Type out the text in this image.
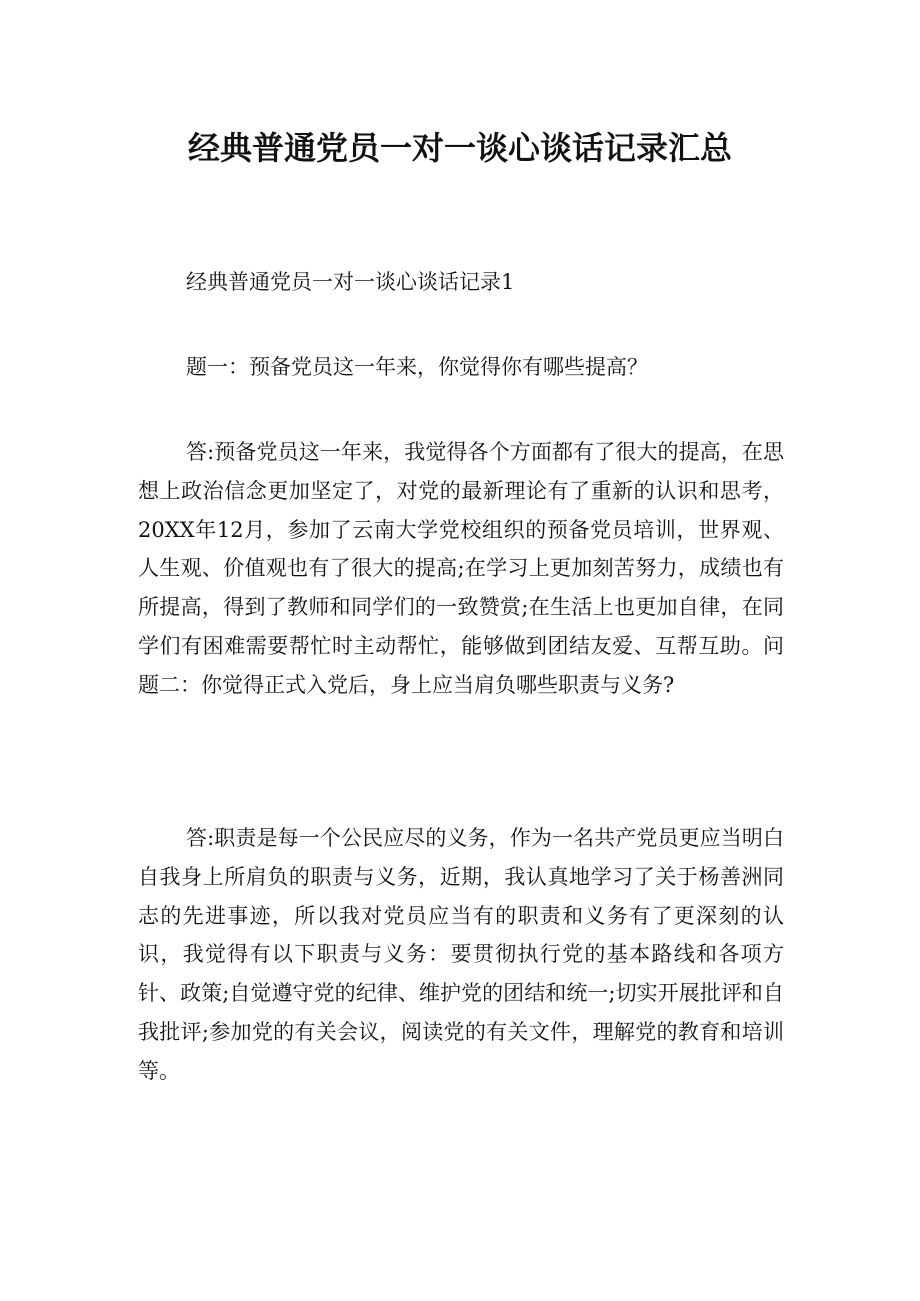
经典普通党员一对一谈心谈话记录汇总

经典普通党员一对一谈心谈话记录1

题一：预备党员这一年来，你觉得你有哪些提高？

答:预备党员这一年来，我觉得各个方面都有了很大的提高，在思想上政治信念更加坚定了，对党的最新理论有了重新的认识和思考，20XX年12月，参加了云南大学党校组织的预备党员培训，世界观、人生观、价值观也有了很大的提高;在学习上更加刻苦努力，成绩也有所提高，得到了教师和同学们的一致赞赏;在生活上也更加自律，在同学们有困难需要帮忙时主动帮忙，能够做到团结友爱、互帮互助。问题二：你觉得正式入党后，身上应当肩负哪些职责与义务?

答:职责是每一个公民应尽的义务，作为一名共产党员更应当明白自我身上所肩负的职责与义务，近期，我认真地学习了关于杨善洲同志的先进事迹，所以我对党员应当有的职责和义务有了更深刻的认识，我觉得有以下职责与义务：要贯彻执行党的基本路线和各项方针、政策;自觉遵守党的纪律、维护党的团结和统一;切实开展批评和自我批评;参加党的有关会议，阅读党的有关文件，理解党的教育和培训等。
